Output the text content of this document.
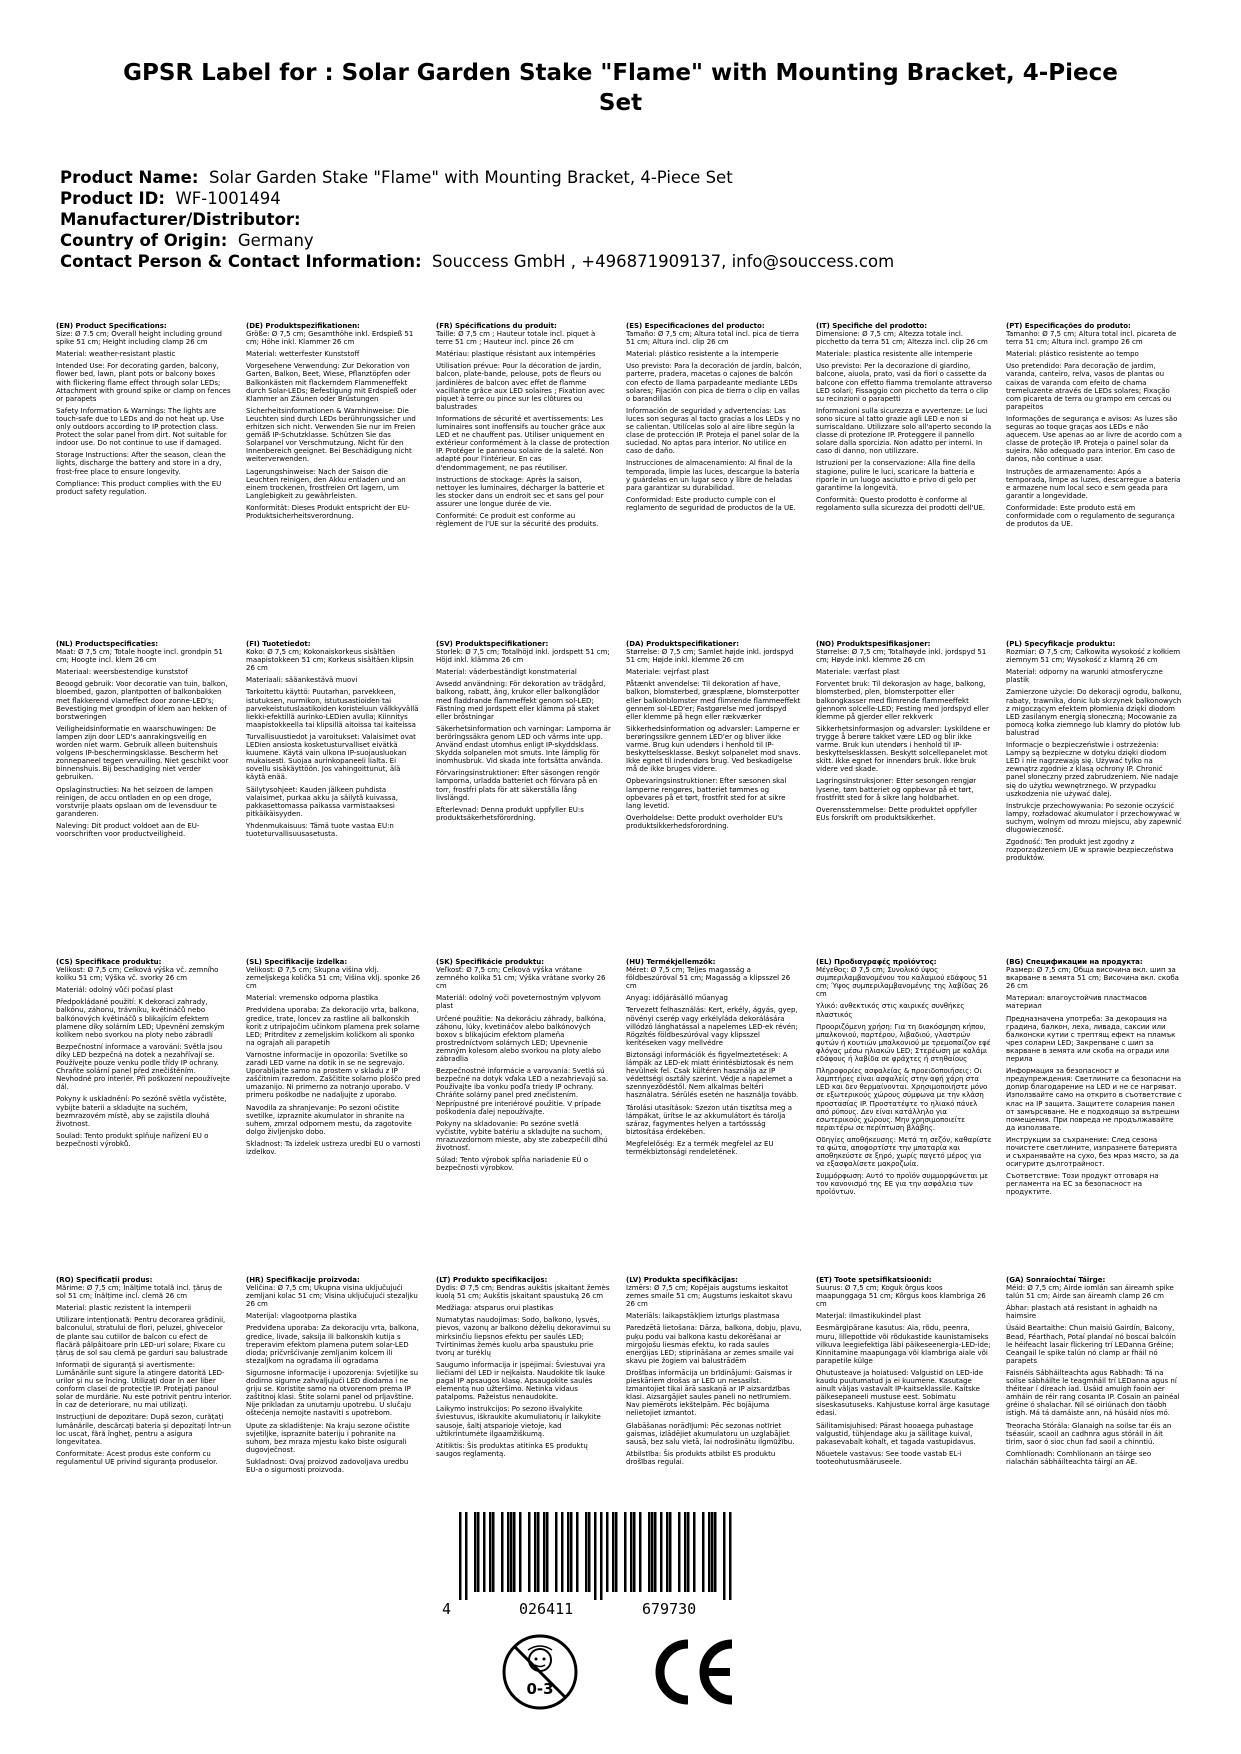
GPSR Label for : Solar Garden Stake "Flame" with Mounting Bracket, 4-Piece Set
Product Name: Solar Garden Stake "Flame" with Mounting Bracket, 4-Piece Set
Product ID: WF-1001494
Manufacturer/Distributor:
Country of Origin: Germany
Contact Person & Contact Information: Souccess GmbH , +496871909137, info@souccess.com

(EN) Product Specifications:

Size: Ø 7.5 cm; Overall height including ground spike 51 cm; Height including clamp 26 cm

Material: weather-resistant plastic

Intended Use: For decorating garden, balcony, flower bed, lawn, plant pots or balcony boxes with flickering flame effect through solar LEDs; Attachment with ground spike or clamp on fences or parapets

Safety Information & Warnings: The lights are touch-safe due to LEDs and do not heat up. Use only outdoors according to IP protection class. Protect the solar panel from dirt. Not suitable for indoor use. Do not continue to use if damaged.

Storage Instructions: After the season, clean the lights, discharge the battery and store in a dry, frost-free place to ensure longevity.

Compliance: This product complies with the EU product safety regulation.

(DE) Produktspezifikationen:

Größe: Ø 7,5 cm; Gesamthöhe inkl. Erdspieß 51 cm; Höhe inkl. Klammer 26 cm

Material: wetterfester Kunststoff

Vorgesehene Verwendung: Zur Dekoration von Garten, Balkon, Beet, Wiese, Pflanztöpfen oder Balkonkästen mit flackerndem Flammeneffekt durch Solar-LEDs; Befestigung mit Erdspieß oder Klammer an Zäunen oder Brüstungen

Sicherheitsinformationen & Warnhinweise: Die Leuchten sind durch LEDs berührungssicher und erhitzen sich nicht. Verwenden Sie nur im Freien gemäß IP-Schutzklasse. Schützen Sie das Solarpanel vor Verschmutzung. Nicht für den Innenbereich geeignet. Bei Beschädigung nicht weiterverwenden.

Lagerungshinweise: Nach der Saison die Leuchten reinigen, den Akku entladen und an einem trockenen, frostfreien Ort lagern, um Langlebigkeit zu gewährleisten.

Konformität: Dieses Produkt entspricht der EU-Produktsicherheitsverordnung.

(FR) Spécifications du produit:

Taille: Ø 7,5 cm ; Hauteur totale incl. piquet à terre 51 cm ; Hauteur incl. pince 26 cm

Matériau: plastique résistant aux intempéries

Utilisation prévue: Pour la décoration de jardin, balcon, plate-bande, pelouse, pots de fleurs ou jardinières de balcon avec effet de flamme vacillante grâce aux LED solaires ; Fixation avec piquet à terre ou pince sur les clôtures ou balustrades

Informations de sécurité et avertissements: Les luminaires sont inoffensifs au toucher grâce aux LED et ne chauffent pas. Utiliser uniquement en extérieur conformément à la classe de protection IP. Protéger le panneau solaire de la saleté. Non adapté pour l'intérieur. En cas d'endommagement, ne pas réutiliser.

Instructions de stockage: Après la saison, nettoyer les luminaires, décharger la batterie et les stocker dans un endroit sec et sans gel pour assurer une longue durée de vie.

Conformité: Ce produit est conforme au règlement de l'UE sur la sécurité des produits.

(ES) Especificaciones del producto:

Tamaño: Ø 7,5 cm; Altura total incl. pica de tierra 51 cm; Altura incl. clip 26 cm

Material: plástico resistente a la intemperie

Uso previsto: Para la decoración de jardín, balcón, parterre, pradera, macetas o cajones de balcón con efecto de llama parpadeante mediante LEDs solares; Fijación con pica de tierra o clip en vallas o barandillas

Información de seguridad y advertencias: Las luces son seguras al tacto gracias a los LEDs y no se calientan. Utilícelas solo al aire libre según la clase de protección IP. Proteja el panel solar de la suciedad. No aptas para interior. No utilice en caso de daño.

Instrucciones de almacenamiento: Al final de la temporada, limpie las luces, descargue la batería y guárdelas en un lugar seco y libre de heladas para garantizar su durabilidad.

Conformidad: Este producto cumple con el reglamento de seguridad de productos de la UE.

(IT) Specifiche del prodotto:

Dimensione: Ø 7,5 cm; Altezza totale incl. picchetto da terra 51 cm; Altezza incl. clip 26 cm

Materiale: plastica resistente alle intemperie

Uso previsto: Per la decorazione di giardino, balcone, aiuola, prato, vasi da fiori o cassette da balcone con effetto fiamma tremolante attraverso LED solari; Fissaggio con picchetto da terra o clip su recinzioni o parapetti

Informazioni sulla sicurezza e avvertenze: Le luci sono sicure al tatto grazie agli LED e non si surriscaldano. Utilizzare solo all'aperto secondo la classe di protezione IP. Proteggere il pannello solare dalla sporcizia. Non adatto per interni. In caso di danno, non utilizzare.

Istruzioni per la conservazione: Alla fine della stagione, pulire le luci, scaricare la batteria e riporle in un luogo asciutto e privo di gelo per garantirne la longevità.

Conformità: Questo prodotto è conforme al regolamento sulla sicurezza dei prodotti dell'UE.

(PT) Especificações do produto:

Tamanho: Ø 7,5 cm; Altura total incl. picareta de terra 51 cm; Altura incl. grampo 26 cm

Material: plástico resistente ao tempo

Uso pretendido: Para decoração de jardim, varanda, canteiro, relva, vasos de plantas ou caixas de varanda com efeito de chama tremeluzente através de LEDs solares; Fixação com picareta de terra ou grampo em cercas ou parapeitos

Informações de segurança e avisos: As luzes são seguras ao toque graças aos LEDs e não aquecem. Use apenas ao ar livre de acordo com a classe de proteção IP. Proteja o painel solar da sujeira. Não adequado para interior. Em caso de danos, não continue a usar.

Instruções de armazenamento: Após a temporada, limpe as luzes, descarregue a bateria e armazene num local seco e sem geada para garantir a longevidade.

Conformidade: Este produto está em conformidade com o regulamento de segurança de produtos da UE.

(NL) Productspecificaties:

Maat: Ø 7,5 cm; Totale hoogte incl. grondpin 51 cm; Hoogte incl. klem 26 cm

Materiaal: weersbestendige kunststof

Beoogd gebruik: Voor decoratie van tuin, balkon, bloembed, gazon, plantpotten of balkonbakken met flakkerend vlameffect door zonne-LED's; Bevestiging met grondpin of klem aan hekken of borstweringen

Veiligheidsinformatie en waarschuwingen: De lampen zijn door LED's aanrakingsveilig en worden niet warm. Gebruik alleen buitenshuis volgens IP-beschermingsklasse. Bescherm het zonnepaneel tegen vervuiling. Niet geschikt voor binnenshuis. Bij beschadiging niet verder gebruiken.

Opslaginstructies: Na het seizoen de lampen reinigen, de accu ontladen en op een droge, vorstvrije plaats opslaan om de levensduur te garanderen.

Naleving: Dit product voldoet aan de EU-voorschriften voor productveiligheid.

(FI) Tuotetiedot:

Koko: Ø 7,5 cm; Kokonaiskorkeus sisältäen maapistokkeen 51 cm; Korkeus sisältäen klipsin 26 cm

Materiaali: sääankestävä muovi

Tarkoitettu käyttö: Puutarhan, parvekkeen, istutuksen, nurmikon, istutusastioiden tai parvekeistutuslaatikoiden koristeluun välkkyvällä liekki-efektillä aurinko-LEDien avulla; Kiinnitys maapistokkeella tai klipsillä aitoissa tai kaiteissa

Turvallisuustiedot ja varoitukset: Valaisimet ovat LEDien ansiosta kosketusturvalliset eivätkä kuumene. Käytä vain ulkona IP-suojausluokan mukaisesti. Suojaa aurinkopaneeli lialta. Ei sovellu sisäkäyttöön. Jos vahingoittunut, älä käytä enää.

Säilytysohjeet: Kauden jälkeen puhdista valaisimet, purkaa akku ja säilytä kuivassa, pakkasettomassa paikassa varmistaaksesi pitkäikäisyyden.

Yhdenmukaisuus: Tämä tuote vastaa EU:n tuoteturvallisuusasetusta.

(SV) Produktspecifikationer:

Storlek: Ø 7,5 cm; Totalhöjd inkl. jordspett 51 cm; Höjd inkl. klämma 26 cm

Material: väderbeständigt konstmaterial

Avsedd användning: För dekoration av trädgård, balkong, rabatt, äng, krukor eller balkonglådor med fladdrande flammeffekt genom sol-LED; Fästning med jordspett eller klämma på staket eller bröstningar

Säkerhetsinformation och varningar: Lamporna är beröringssäkra genom LED och värms inte upp. Använd endast utomhus enligt IP-skyddsklass. Skydda solpanelen mot smuts. Inte lämplig för inomhusbruk. Vid skada inte fortsätta använda.

Förvaringsinstruktioner: Efter säsongen rengör lamporna, urladda batteriet och förvara på en torr, frostfri plats för att säkerställa lång livslängd.

Efterlevnad: Denna produkt uppfyller EU:s produktsäkerhetsförordning.

(DA) Produktspecifikationer:

Størrelse: Ø 7,5 cm; Samlet højde inkl. jordspyd 51 cm; Højde inkl. klemme 26 cm

Materiale: vejrfast plast

Påtænkt anvendelse: Til dekoration af have, balkon, blomsterbed, græsplæne, blomsterpotter eller balkonblomster med flimrende flammeeffekt gennem sol-LED'er; Fastgørelse med jordspyd eller klemme på hegn eller rækværker

Sikkerhedsinformation og advarsler: Lamperne er berøringssikre gennem LED'er og bliver ikke varme. Brug kun udendørs i henhold til IP-beskyttelsesklasse. Beskyt solpanelet mod snavs. Ikke egnet til indendørs brug. Ved beskadigelse må de ikke bruges videre.

Opbevaringsinstruktioner: Efter sæsonen skal lamperne rengøres, batteriet tømmes og opbevares på et tørt, frostfrit sted for at sikre lang levetid.

Overholdelse: Dette produkt overholder EU's produktsikkerhedsforordning.

(NO) Produktspesifikasjoner:

Størrelse: Ø 7,5 cm; Totalhøyde inkl. jordspyd 51 cm; Høyde inkl. klemme 26 cm

Materiale: værfast plast

Forventet bruk: Til dekorasjon av hage, balkong, blomsterbed, plen, blomsterpotter eller balkongkasser med flimrende flammeeffekt gjennom solcelle-LED; Festing med jordspyd eller klemme på gjerder eller rekkverk

Sikkerhetsinformasjon og advarsler: Lyskildene er trygge å berøre takket være LED og blir ikke varme. Bruk kun utendørs i henhold til IP-beskyttelsesklassen. Beskytt solcellepanelet mot skitt. Ikke egnet for innendørs bruk. Ikke bruk videre ved skade.

Lagringsinstruksjoner: Etter sesongen rengjør lysene, tøm batteriet og oppbevar på et tørt, frostfritt sted for å sikre lang holdbarhet.

Overensstemmelse: Dette produktet oppfyller EUs forskrift om produktsikkerhet.

(PL) Specyfikacje produktu:

Rozmiar: Ø 7,5 cm; Całkowita wysokość z kołkiem ziemnym 51 cm; Wysokość z klamrą 26 cm

Materiał: odporny na warunki atmosferyczne plastik

Zamierzone użycie: Do dekoracji ogrodu, balkonu, rabaty, trawnika, donic lub skrzynek balkonowych z migoczącym efektem płomienia dzięki diodom LED zasilanym energią słoneczną; Mocowanie za pomocą kołka ziemnego lub klamry do płotów lub balustrad

Informacje o bezpieczeństwie i ostrzeżenia: Lampy są bezpieczne w dotyku dzięki diodom LED i nie nagrzewają się. Używać tylko na zewnątrz zgodnie z klasą ochrony IP. Chronić panel słoneczny przed zabrudzeniem. Nie nadaje się do użytku wewnętrznego. W przypadku uszkodzenia nie używać dalej.

Instrukcje przechowywania: Po sezonie oczyścić lampy, rozładować akumulator i przechowywać w suchym, wolnym od mrozu miejscu, aby zapewnić długowieczność.

Zgodność: Ten produkt jest zgodny z rozporządzeniem UE w sprawie bezpieczeństwa produktów.

(CS) Specifikace produktu:

Velikost: Ø 7,5 cm; Celková výška vč. zemního kolíku 51 cm; Výška vč. svorky 26 cm

Materiál: odolný vůči počasí plast

Předpokládané použití: K dekoraci zahrady, balkónu, záhonu, trávníku, květináčů nebo balkónových květináčů s blikajícím efektem plamene díky solárním LED; Upevnění zemským kolíkem nebo svorkou na ploty nebo zábradlí

Bezpečnostní informace a varování: Světla jsou díky LED bezpečná na dotek a nezahřívají se. Používejte pouze venku podle třídy IP ochrany. Chraňte solární panel před znečištěním. Nevhodné pro interiér. Při poškození nepoužívejte dál.

Pokyny k uskladnění: Po sezóně světla vyčistěte, vybijte baterii a skladujte na suchém, bezmrazovém místě, aby se zajistila dlouhá životnost.

Soulad: Tento produkt splňuje nařízení EU o bezpečnosti výrobků.

(SL) Specifikacije izdelka:

Velikost: Ø 7,5 cm; Skupna višina vklj. zemeljskega količka 51 cm; Višina vklj. sponke 26 cm

Material: vremensko odporna plastika

Predvidena uporaba: Za dekoracijo vrta, balkona, gredice, trate, loncev za rastline ali balkonskih korit z utripajočim učinkom plamena prek solarne LED; Pritrditev z zemeljskim količkom ali sponko na ograjah ali parapetih

Varnostne informacije in opozorila: Svetilke so zaradi LED varne na dotik in se ne segrevajo. Uporabljajte samo na prostem v skladu z IP zaščitnim razredom. Zaščitite solarno ploščo pred umazanijo. Ni primerno za notranjo uporabo. V primeru poškodbe ne nadaljujte z uporabo.

Navodila za shranjevanje: Po sezoni očistite svetilke, izpraznite akumulator in shranite na suhem, zmrzal odpornem mestu, da zagotovite dolgo življenjsko dobo.

Skladnost: Ta izdelek ustreza uredbi EU o varnosti izdelkov.

(SK) Špecifikácie produktu:

Veľkosť: Ø 7,5 cm; Celková výška vrátane zemného kolíka 51 cm; Výška vrátane svorky 26 cm

Materiál: odolný voči poveternostným vplyvom plast

Určené použitie: Na dekoráciu záhrady, balkóna, záhonu, lúky, kvetináčov alebo balkónových boxov s blikajúcim efektom plameňa prostredníctvom solárnych LED; Upevnenie zemným kolesom alebo svorkou na ploty alebo zábradlia

Bezpečnostné informácie a varovania: Svetlá sú bezpečné na dotyk vďaka LED a nezahrievajú sa. Používajte iba vonku podľa triedy IP ochrany. Chráňte solárny panel pred znečistením. Neprípustné pre interiérové použitie. V prípade poškodenia ďalej nepoužívajte.

Pokyny na skladovanie: Po sezóne svetlá vyčistite, vybite batériu a skladujte na suchom, mrazuvzdornom mieste, aby ste zabezpečili dlhú životnosť.

Súlad: Tento výrobok spĺňa nariadenie EÚ o bezpečnosti výrobkov.

(HU) Termékjellemzők:

Méret: Ø 7,5 cm; Teljes magasság a földbeszúróval 51 cm; Magasság a klipsszel 26 cm

Anyag: időjárásálló műanyag

Tervezett felhasználás: Kert, erkély, ágyás, gyep, növényi cserép vagy erkélyláda dekorálására villódzó lánghatással a napelemes LED-ek révén; Rögzítés földbeszúróval vagy klipsszel kerítéseken vagy mellvédre

Biztonsági információk és figyelmeztetések: A lámpák az LED-ek miatt érintésbiztosak és nem hevülnek fel. Csak kültéren használja az IP védettségi osztály szerint. Védje a napelemet a szennyeződéstől. Nem alkalmas beltéri használatra. Sérülés esetén ne használja tovább.

Tárolási utasítások: Szezon után tisztítsa meg a lámpákat, ürítse le az akkumulátort és tárolja száraz, fagymentes helyen a tartóssság biztosítása érdekében.

Megfelelőség: Ez a termék megfelel az EU termékbiztonsági rendeletének.

(EL) Προδιαγραφές προϊόντος:

Μέγεθος: Ø 7,5 cm; Συνολικό ύψος συμπεριλαμβανομένου του καλαμιού εδάφους 51 cm; Ύψος συμπεριλαμβανομένης της λαβίδας 26 cm

Υλικό: ανθεκτικός στις καιρικές συνθήκες πλαστικός

Προοριζόμενη χρήση: Για τη διακόσμηση κήπου, μπαλκονιού, παρτέρου, λιβαδιού, γλαστρών φυτών ή κουτιών μπαλκονιού με τρεμοπαίζον εφέ φλόγας μέσω ηλιακών LED; Στερέωση με καλάμι εδάφους ή λαβίδα σε φράχτες ή στηθαίους

Πληροφορίες ασφαλείας & προειδοποιήσεις: Οι λαμπτήρες είναι ασφαλείς στην αφή χάρη στα LED και δεν θερμαίνονται. Χρησιμοποιήστε μόνο σε εξωτερικούς χώρους σύμφωνα με την κλάση προστασίας IP. Προστατέψτε το ηλιακό πάνελ από ρύπους. Δεν είναι κατάλληλο για εσωτερικούς χώρους. Μην χρησιμοποιείτε περαιτέρω σε περίπτωση βλάβης.

Οδηγίες αποθήκευσης: Μετά τη σεζόν, καθαρίστε τα φώτα, αποφορτίστε την μπαταρία και αποθηκεύστε σε ξηρό, χωρίς παγετό μέρος για να εξασφαλίσετε μακροζωία.

Συμμόρφωση: Αυτό το προϊόν συμμορφώνεται με τον κανονισμό της ΕΕ για την ασφάλεια των προϊόντων.

(BG) Спецификации на продукта:

Размер: Ø 7,5 cm; Обща височина вкл. шип за вкарване в земята 51 cm; Височина вкл. скоба 26 cm

Материал: влагоустойчив пластмасов материал

Предназначена употреба: За декорация на градина, балкон, леха, ливада, саксии или балконски кутии с трептящ ефект на пламък чрез соларни LED; Закрепване с шип за вкарване в земята или скоба на огради или перила

Информация за безопасност и предупреждения: Светлините са безопасни на допир благодарение на LED и не се нагряват. Използвайте само на открито в съответствие с клас на IP защита. Защитете соларния панел от замърсяване. Не е подходящо за вътрешни помещения. При повреда не продължавайте да използвате.

Инструкции за съхранение: След сезона почистете светлините, изпразнете батерията и съхранявайте на сухо, без мраз място, за да осигурите дълготрайност.

Съответствие: Този продукт отговаря на регламента на ЕС за безопасност на продуктите.

(RO) Specificații produs:

Mărime: Ø 7,5 cm; Înălțime totală incl. țăruș de sol 51 cm; Înălțime incl. clemă 26 cm

Material: plastic rezistent la intemperii

Utilizare intenționată: Pentru decorarea grădinii, balconului, stratului de flori, peluzei, ghivecelor de plante sau cutiilor de balcon cu efect de flacără pâlpâitoare prin LED-uri solare; Fixare cu țăruș de sol sau clemă pe garduri sau balustrade

Informații de siguranță și avertismente: Lumânările sunt sigure la atingere datorită LED-urilor și nu se încing. Utilizați doar în aer liber conform clasei de protecție IP. Protejați panoul solar de murdărie. Nu este potrivit pentru interior. În caz de deteriorare, nu mai utilizați.

Instrucțiuni de depozitare: După sezon, curățați lumânările, descărcați bateria și depozitați într-un loc uscat, fără îngheț, pentru a asigura longevitatea.

Conformitate: Acest produs este conform cu regulamentul UE privind siguranța produselor.

(HR) Specifikacije proizvoda:

Veličina: Ø 7,5 cm; Ukupna visina uključujući zemljani kolac 51 cm; Visina uključujući stezaljku 26 cm

Materijal: vlagootporna plastika

Predviđena uporaba: Za dekoraciju vrta, balkona, gredice, livade, saksija ili balkonskih kutija s treperavim efektom plamena putem solar-LED dioda; pričvršćivanje zemljanim kolcem ili stezaljkom na ograđama ili ogradama

Sigurnosne informacije i upozorenja: Svjetiljke su dodirno sigurne zahvaljujući LED diodama i ne griju se. Koristite samo na otvorenom prema IP zaštitnoj klasi. Štite solarni panel od prljavštine. Nije prikladan za unutarnju upotrebu. U slučaju oštećenja nemojte nastaviti s upotrebom.

Upute za skladištenje: Na kraju sezone očistite svjetiljke, ispraznite bateriju i pohranite na suhom, bez mraza mjestu kako biste osigurali dugovječnost.

Sukladnost: Ovaj proizvod zadovoljava uredbu EU-a o sigurnosti proizvoda.

(LT) Produkto specifikacijos:

Dydis: Ø 7,5 cm; Bendras aukštis įskaitant žemės kuolą 51 cm; Aukštis įskaitant spaustuką 26 cm

Medžiaga: atsparus orui plastikas

Numatytas naudojimas: Sodo, balkono, lysvės, pievos, vazonų ar balkono dėželių dekoravimui su mirksinčiu liepsnos efektu per saulės LED; Tvirtinimas žemės kuolu arba spaustuku prie tvorų ar turėklų

Saugumo informacija ir įspėjimai: Šviestuvai yra liečiami dėl LED ir neįkaista. Naudokite tik lauke pagal IP apsaugos klasę. Apsaugokite saulės elementą nuo užteršimo. Netinka vidaus patalpoms. Pažeistus nenaudokite.

Laikymo instrukcijos: Po sezono išvalykite šviestuvus, iškraukite akumuliatorių ir laikykite sausoje, šaltį atsparioje vietoje, kad užtikrintumėte ilgaamžiškumą.

Atitiktis: Šis produktas atitinka ES produktų saugos reglamentą.

(LV) Produkta specifikācijas:

Izmērs: Ø 7,5 cm; Kopējais augstums ieskaitot zemes smaile 51 cm; Augstums ieskaitot skavu 26 cm

Materiāls: laikapstākļiem izturīgs plastmasa

Paredzētā lietošana: Dārza, balkona, dobju, pļavu, puķu podu vai balkona kastu dekorēšanai ar mirgojošu liesmas efektu, ko rada saules enerģijas LED; stiprināšana ar zemes smaile vai skavu pie žogiem vai balustrādēm

Drošības informācija un brīdinājumi: Gaismas ir pieskāriem drošas ar LED un nesasilst. Izmantojiet tikai ārā saskaņā ar IP aizsardzības klasi. Aizsargājiet saules paneli no netīrumiem. Nav piemērots iekštelpām. Pēc bojājuma nelietojiet izmantot.

Glabāšanas norādījumi: Pēc sezonas notīriet gaismas, izlādējiet akumulatoru un uzglabājiet sausā, bez salu vietā, lai nodrošinātu ilgmūžību.

Atbilstība: Šis produkts atbilst ES produktu drošības regulai.

(ET) Toote spetsifikatsioonid:

Suurus: Ø 7,5 cm; Koguk õrgus koos maapunggaga 51 cm; Kõrgus koos klambriga 26 cm

Materjal: ilmastikukindel plast

Eesmärgipärane kasutus: Aia, rõdu, peenra, muru, lillepottide või rõdukastide kaunistamiseks vilkuva leegiefektiga läbi päikeseenergia-LED-ide; Kinnitamine maapungaga või klambriga aiale või parapetile külge

Ohutusteave ja hoiatused: Valgustid on LED-ide kaudu puutumatud ja ei kuumene. Kasutage ainult väljas vastavalt IP-kaitseklassile. Kaitske päikesepaneeli mustuse eest. Sobimatu siseskasutuseks. Kahjustuse korral ärge kasutage edasi.

Säilitamisjuhised: Pärast hooaega puhastage valgustid, tühjendage aku ja säilitage kuival, pakasevabalt kohalt, et tagada vastupidavus.

Nõuetele vastavus: See toode vastab EL-i tooteohutusmääruseele.

(GA) Sonraíochtaí Táirge:

Méid: Ø 7,5 cm; Airde iomlán san áireamh spike talún 51 cm; Airde san áireamh clamp 26 cm

Ábhar: plastach atá resistant in aghaidh na haimsire

Úsáid Beartaithe: Chun maisiú Gairdín, Balcony, Bead, Féarthach, Potaí plandaí nó boscaí balcóin le héifeacht lasair flickering trí LEDanna Gréine; Ceangail le spike talún nó clamp ar fháil nó parapets

Faisnéis Sábháilteachta agus Rabhadh: Tá na soilse sábháilte le teagmháil trí LEDanna agus ní théitear í díreach iad. Úsáid amuigh faoin aer amháin de réir rang cosanta IP. Cosain an painéal gréine ó shalachar. Níl sé oiriúnach don táobh istigh. Má tá damáiste ann, ná húsáid níos mó.

Treoracha Stórála: Glanaigh na soilse tar éis an tséasúir, scaoil an cadhnra agus stóráil in áit tirim, saor ó sioc chun fad saoil a chinntiú.

Comhlíonadh: Comhlíonann an táirge seo rialachán sábháilteachta táirgí an AE.

4	026411	679730
0-3
